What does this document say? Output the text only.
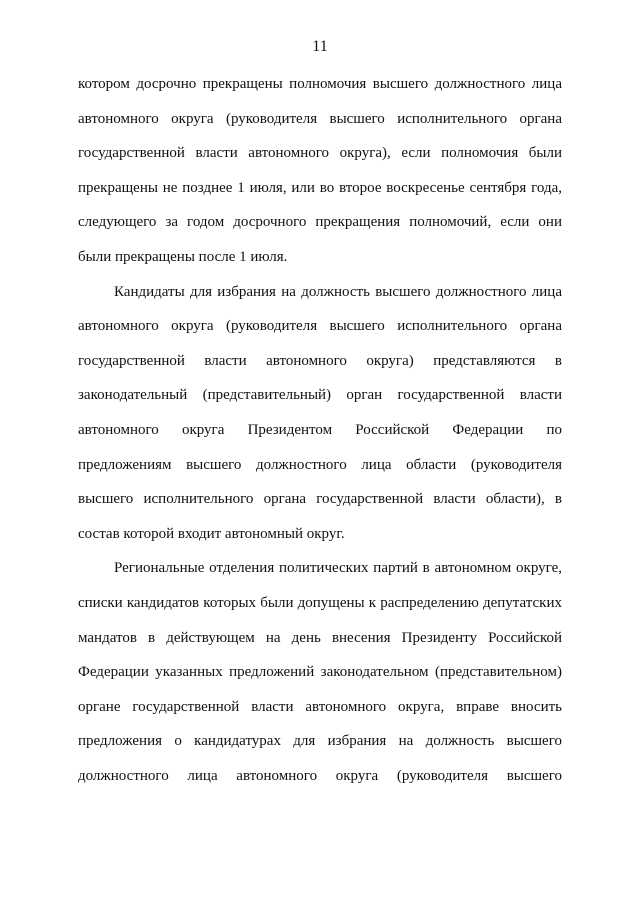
11
котором досрочно прекращены полномочия высшего должностного лица
автономного округа (руководителя высшего исполнительного органа
государственной власти автономного округа), если полномочия были
прекращены не позднее 1 июля, или во второе воскресенье сентября года,
следующего за годом досрочного прекращения полномочий, если они
были прекращены после 1 июля.
Кандидаты для избрания на должность высшего должностного лица
автономного округа (руководителя высшего исполнительного органа
государственной власти автономного округа) представляются в
законодательный (представительный) орган государственной власти
автономного округа Президентом Российской Федерации по
предложениям высшего должностного лица области (руководителя
высшего исполнительного органа государственной власти области), в
состав которой входит автономный округ.
Региональные отделения политических партий в автономном округе,
списки кандидатов которых были допущены к распределению депутатских
мандатов в действующем на день внесения Президенту Российской
Федерации указанных предложений законодательном (представительном)
органе государственной власти автономного округа, вправе вносить
предложения о кандидатурах для избрания на должность высшего
должностного лица автономного округа (руководителя высшего
